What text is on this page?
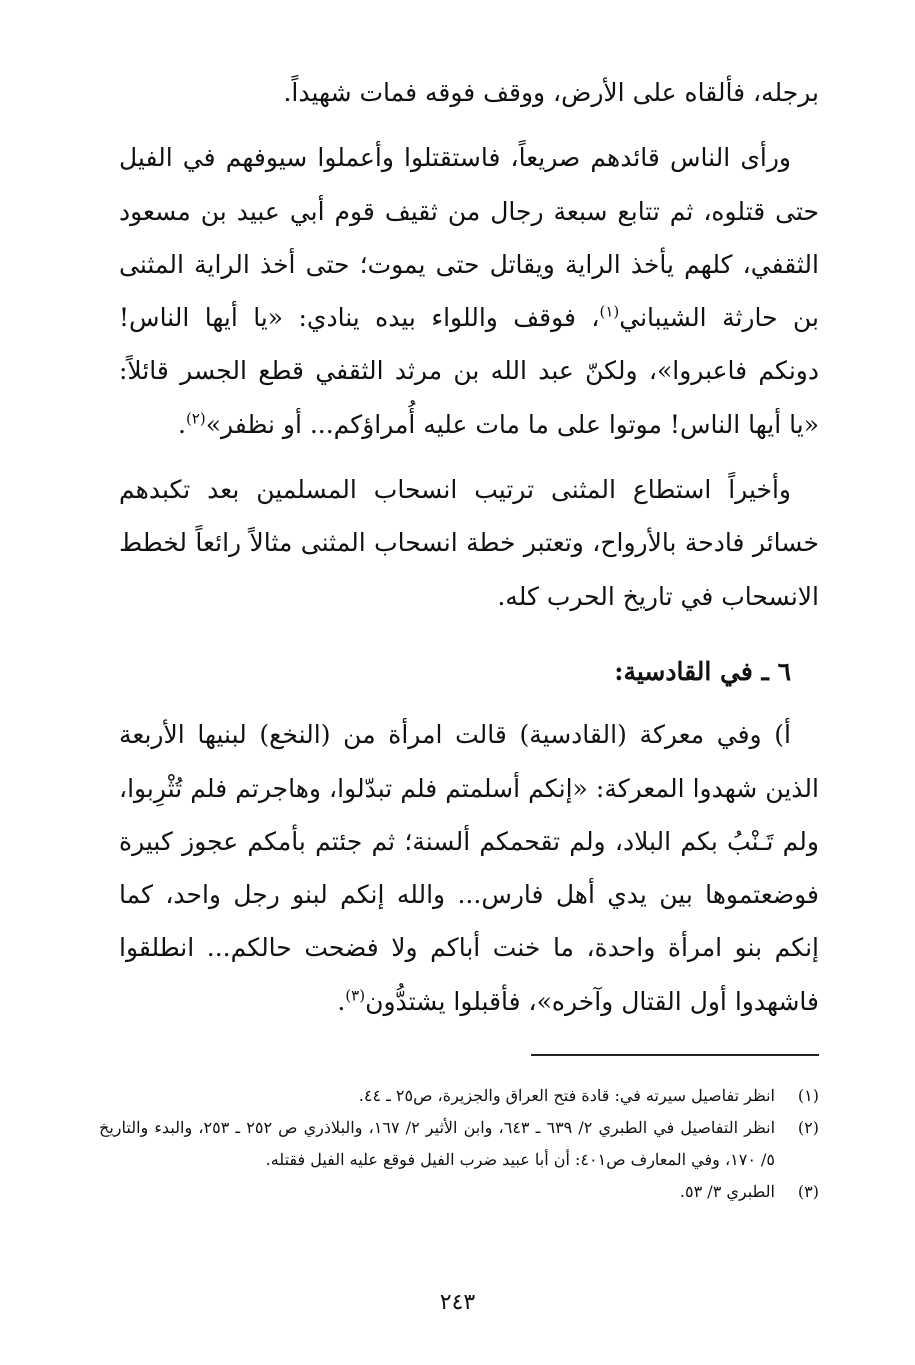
برجله، فألقاه على الأرض، ووقف فوقه فمات شهيداً.

ورأى الناس قائدهم صريعاً، فاستقتلوا وأعملوا سيوفهم في الفيل حتى قتلوه، ثم تتابع سبعة رجال من ثقيف قوم أبي عبيد بن مسعود الثقفي، كلهم يأخذ الراية ويقاتل حتى يموت؛ حتى أخذ الراية المثنى بن حارثة الشيباني$^{(١)}$، فوقف واللواء بيده ينادي: «يا أيها الناس! دونكم فاعبروا»، ولكنّ عبد الله بن مرثد الثقفي قطع الجسر قائلاً: «يا أيها الناس! موتوا على ما مات عليه أُمراؤكم... أو نظفر»$^{(٢)}$.

وأخيراً استطاع المثنى ترتيب انسحاب المسلمين بعد تكبدهم خسائر فادحة بالأرواح، وتعتبر خطة انسحاب المثنى مثالاً رائعاً لخطط الانسحاب في تاريخ الحرب كله.

٦ ـ في القادسية:

أ) وفي معركة (القادسية) قالت امرأة من (النخع) لبنيها الأربعة الذين شهدوا المعركة: «إنكم أسلمتم فلم تبدّلوا، وهاجرتم فلم تُثْرِبوا، ولم تَـنْبُ بكم البلاد، ولم تقحمكم ألسنة؛ ثم جئتم بأمكم عجوز كبيرة فوضعتموها بين يدي أهل فارس... والله إنكم لبنو رجل واحد، كما إنكم بنو امرأة واحدة، ما خنت أباكم ولا فضحت حالكم... انطلقوا فاشهدوا أول القتال وآخره»، فأقبلوا يشتدُّون$^{(٣)}$.

(١)
انظر تفاصيل سيرته في: قادة فتح العراق والجزيرة، ص٢٥ ـ ٤٤.
(٢)
انظر التفاصيل في الطبري ٢/ ٦٣٩ ـ ٦٤٣، وابن الأثير ٢/ ١٦٧، والبلاذري ص ٢٥٢ ـ ٢٥٣، والبدء والتاريخ ٥/ ١٧٠، وفي المعارف ص٤٠١: أن أبا عبيد ضرب الفيل فوقع عليه الفيل فقتله.
(٣)
الطبري ٣/ ٥٣.
٢٤٣
